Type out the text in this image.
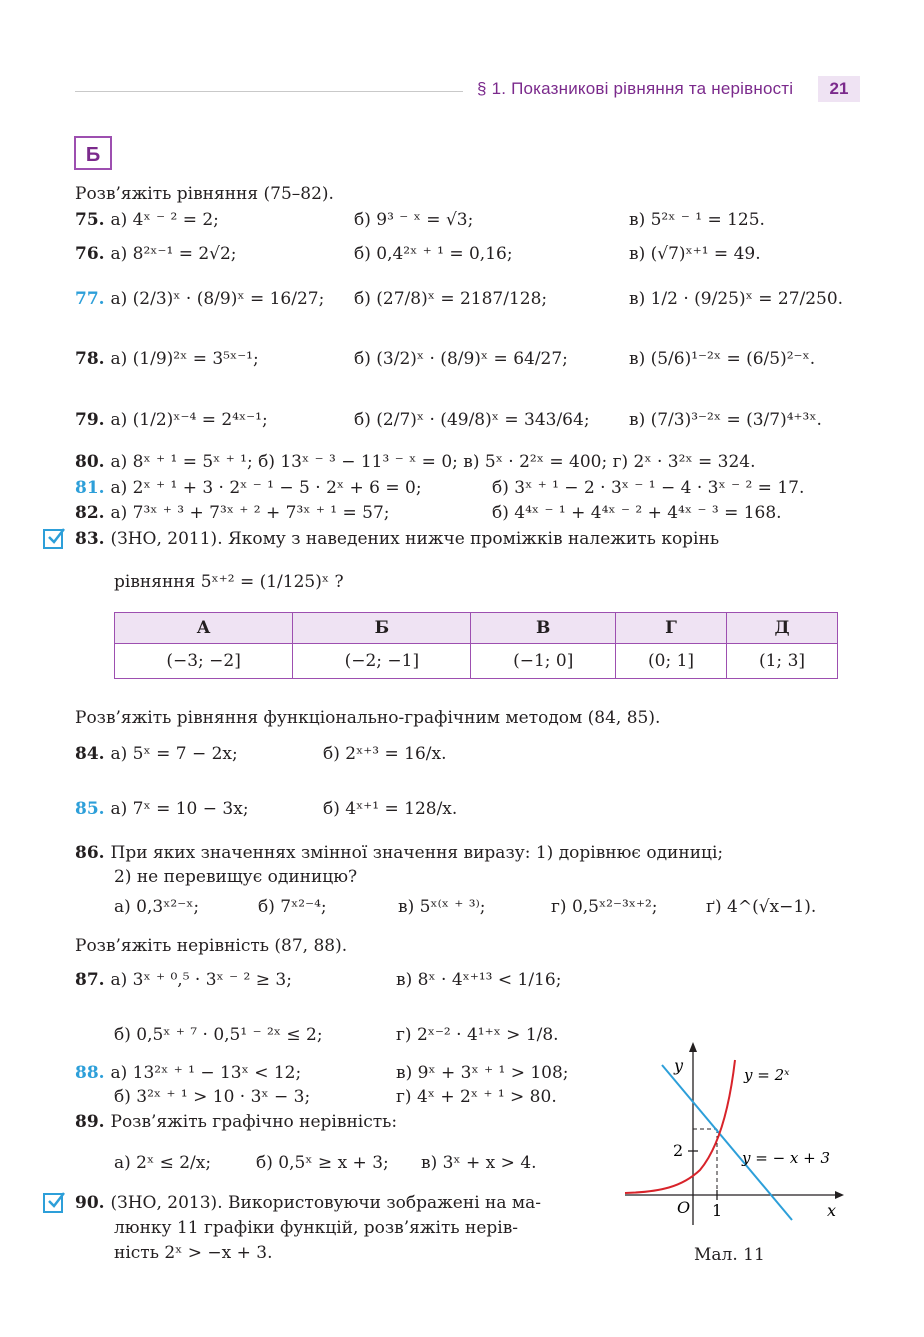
§ 1. Показникові рівняння та нерівності	21
Б
Розв’яжіть рівняння (75–82).
75. а) 4ˣ ⁻ ² = 2;	б) 9³ ⁻ ˣ = √3;	в) 5²ˣ ⁻ ¹ = 125.
76. а) 8²ˣ⁻¹ = 2√2;	б) 0,4²ˣ ⁺ ¹ = 0,16;	в) (√7)ˣ⁺¹ = 49.
77. а) (2/3)ˣ · (8/9)ˣ = 16/27; б) (27/8)ˣ = 2187/128;	в) 1/2 · (9/25)ˣ = 27/250.
78. а) (1/9)²ˣ = 3⁵ˣ⁻¹;	б) (3/2)ˣ · (8/9)ˣ = 64/27;	в) (5/6)¹⁻²ˣ = (6/5)²⁻ˣ.
79. а) (1/2)ˣ⁻⁴ = 2⁴ˣ⁻¹;	б) (2/7)ˣ · (49/8)ˣ = 343/64; в) (7/3)³⁻²ˣ = (3/7)⁴⁺³ˣ.
80. а) 8ˣ ⁺ ¹ = 5ˣ ⁺ ¹; б) 13ˣ ⁻ ³ − 11³ ⁻ ˣ = 0; в) 5ˣ · 2²ˣ = 400; г) 2ˣ · 3²ˣ = 324.
81. а) 2ˣ ⁺ ¹ + 3 · 2ˣ ⁻ ¹ − 5 · 2ˣ + 6 = 0;	б) 3ˣ ⁺ ¹ − 2 · 3ˣ ⁻ ¹ − 4 · 3ˣ ⁻ ² = 17.
82. а) 7³ˣ ⁺ ³ + 7³ˣ ⁺ ² + 7³ˣ ⁺ ¹ = 57;	б) 4⁴ˣ ⁻ ¹ + 4⁴ˣ ⁻ ² + 4⁴ˣ ⁻ ³ = 168.
83. (ЗНО, 2011). Якому з наведених нижче проміжків належить корінь
рівняння 5ˣ⁺² = (1/125)ˣ ?
Розв’яжіть рівняння функціонально-графічним методом (84, 85).
84. а) 5ˣ = 7 − 2x;	б) 2ˣ⁺³ = 16/x.
85. а) 7ˣ = 10 − 3x;	б) 4ˣ⁺¹ = 128/x.
86. При яких значеннях змінної значення виразу: 1) дорівнює одиниці;
2) не перевищує одиницю?
а) 0,3ˣ²⁻ˣ;	б) 7ˣ²⁻⁴;	в) 5ˣ⁽ˣ ⁺ ³⁾;	г) 0,5ˣ²⁻³ˣ⁺²;	ґ) 4^(√x−1).
Розв’яжіть нерівність (87, 88).
87. а) 3ˣ ⁺ ⁰,⁵ · 3ˣ ⁻ ² ≥ 3;	в) 8ˣ · 4ˣ⁺¹³ < 1/16;
б) 0,5ˣ ⁺ ⁷ · 0,5¹ ⁻ ²ˣ ≤ 2;	г) 2ˣ⁻² · 4¹⁺ˣ > 1/8.
88. а) 13²ˣ ⁺ ¹ − 13ˣ < 12;	в) 9ˣ + 3ˣ ⁺ ¹ > 108;
б) 3²ˣ ⁺ ¹ > 10 · 3ˣ − 3;	г) 4ˣ + 2ˣ ⁺ ¹ > 80.
89. Розв’яжіть графічно нерівність:
а) 2ˣ ≤ 2/x;	б) 0,5ˣ ≥ x + 3; в) 3ˣ + x > 4.
90. (ЗНО, 2013). Використовуючи зображені на ма-
люнку 11 графіки функцій, розв’яжіть нерів-
ність 2ˣ > −x + 3.
А	Б	В	Г	Д
(−3; −2]	(−2; −1]	(−1; 0]	(0; 1]	(1; 3]
y
x
O
2
1
y = 2ˣ
y = − x + 3
Мал. 11
